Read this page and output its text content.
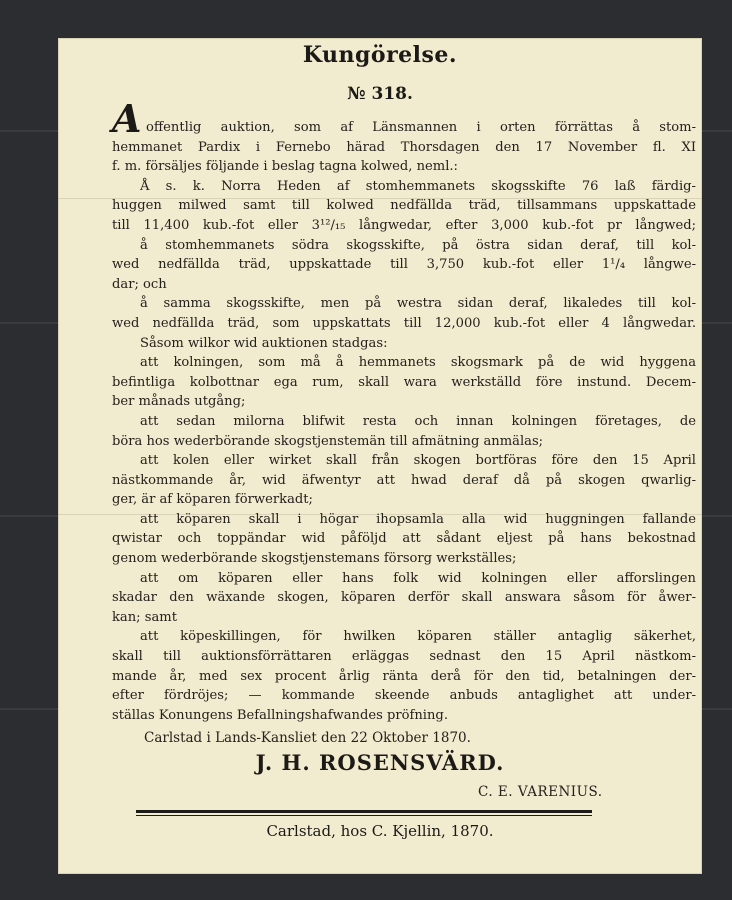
Kungörelse.
№ 318.
A offentlig auktion, som af Länsmannen i orten förrättas å stom-
hemmanet Pardix i Fernebo härad Thorsdagen den 17 November fl. XI
f. m. försäljes följande i beslag tagna kolwed, neml.:
Å s. k. Norra Heden af stomhemmanets skogsskifte 76 laß färdig-
huggen milwed samt till kolwed nedfällda träd, tillsammans uppskattade
till 11,400 kub.-fot eller 3¹²/₁₅ långwedar, efter 3,000 kub.-fot pr långwed;
å stomhemmanets södra skogsskifte, på östra sidan deraf, till kol-
wed nedfällda träd, uppskattade till 3,750 kub.-fot eller 1¹/₄ långwe-
dar; och
å samma skogsskifte, men på westra sidan deraf, likaledes till kol-
wed nedfällda träd, som uppskattats till 12,000 kub.-fot eller 4 långwedar.
Såsom wilkor wid auktionen stadgas:
att kolningen, som må å hemmanets skogsmark på de wid hyggena
befintliga kolbottnar ega rum, skall wara werkställd före instund. Decem-
ber månads utgång;
att sedan milorna blifwit resta och innan kolningen företages, de
böra hos wederbörande skogstjenstemän till afmätning anmälas;
att kolen eller wirket skall från skogen bortföras före den 15 April
nästkommande år, wid äfwentyr att hwad deraf då på skogen qwarlig-
ger, är af köparen förwerkadt;
att köparen skall i högar ihopsamla alla wid huggningen fallande
qwistar och toppändar wid påföljd att sådant eljest på hans bekostnad
genom wederbörande skogstjenstemans försorg werkställes;
att om köparen eller hans folk wid kolningen eller afforslingen
skadar den wäxande skogen, köparen derför skall answara såsom för åwer-
kan; samt
att köpeskillingen, för hwilken köparen ställer antaglig säkerhet,
skall till auktionsförrättaren erläggas sednast den 15 April nästkom-
mande år, med sex procent årlig ränta derå för den tid, betalningen der-
efter fördröjes; — kommande skeende anbuds antaglighet att under-
ställas Konungens Befallningshafwandes pröfning.
Carlstad i Lands-Kansliet den 22 Oktober 1870.
J. H. ROSENSVÄRD.
C. E. VARENIUS.
Carlstad, hos C. Kjellin, 1870.
